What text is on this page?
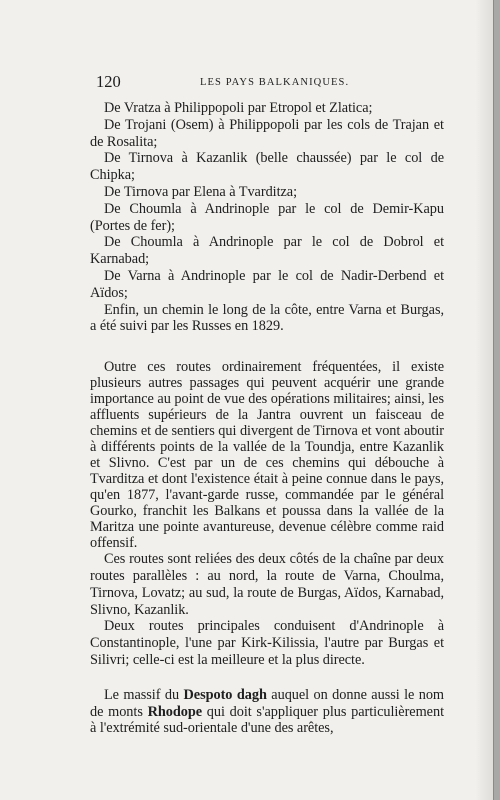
120	LES PAYS BALKANIQUES.

De Vratza à Philippopoli par Etropol et Zlatica;

De Trojani (Osem) à Philippopoli par les cols de Trajan et de Rosalita;

De Tirnova à Kazanlik (belle chaussée) par le col de Chipka;

De Tirnova par Elena à Tvarditza;

De Choumla à Andrinople par le col de Demir-Kapu (Portes de fer);

De Choumla à Andrinople par le col de Dobrol et Karnabad;

De Varna à Andrinople par le col de Nadir-Derbend et Aïdos;

Enfin, un chemin le long de la côte, entre Varna et Burgas, a été suivi par les Russes en 1829.

Outre ces routes ordinairement fréquentées, il existe plusieurs autres passages qui peuvent acquérir une grande importance au point de vue des opérations militaires; ainsi, les affluents supérieurs de la Jantra ouvrent un faisceau de chemins et de sentiers qui divergent de Tirnova et vont aboutir à différents points de la vallée de la Toundja, entre Kazanlik et Slivno. C'est par un de ces chemins qui débouche à Tvarditza et dont l'existence était à peine connue dans le pays, qu'en 1877, l'avant-garde russe, commandée par le général Gourko, franchit les Balkans et poussa dans la vallée de la Maritza une pointe avantureuse, devenue célèbre comme raid offensif.

Ces routes sont reliées des deux côtés de la chaîne par deux routes parallèles : au nord, la route de Varna, Choulma, Tirnova, Lovatz; au sud, la route de Burgas, Aïdos, Karnabad, Slivno, Kazanlik.

Deux routes principales conduisent d'Andrinople à Constantinople, l'une par Kirk-Kilissia, l'autre par Burgas et Silivri; celle-ci est la meilleure et la plus directe.

Le massif du Despoto dagh auquel on donne aussi le nom de monts Rhodope qui doit s'appliquer plus particulièrement à l'extrémité sud-orientale d'une des arêtes,
